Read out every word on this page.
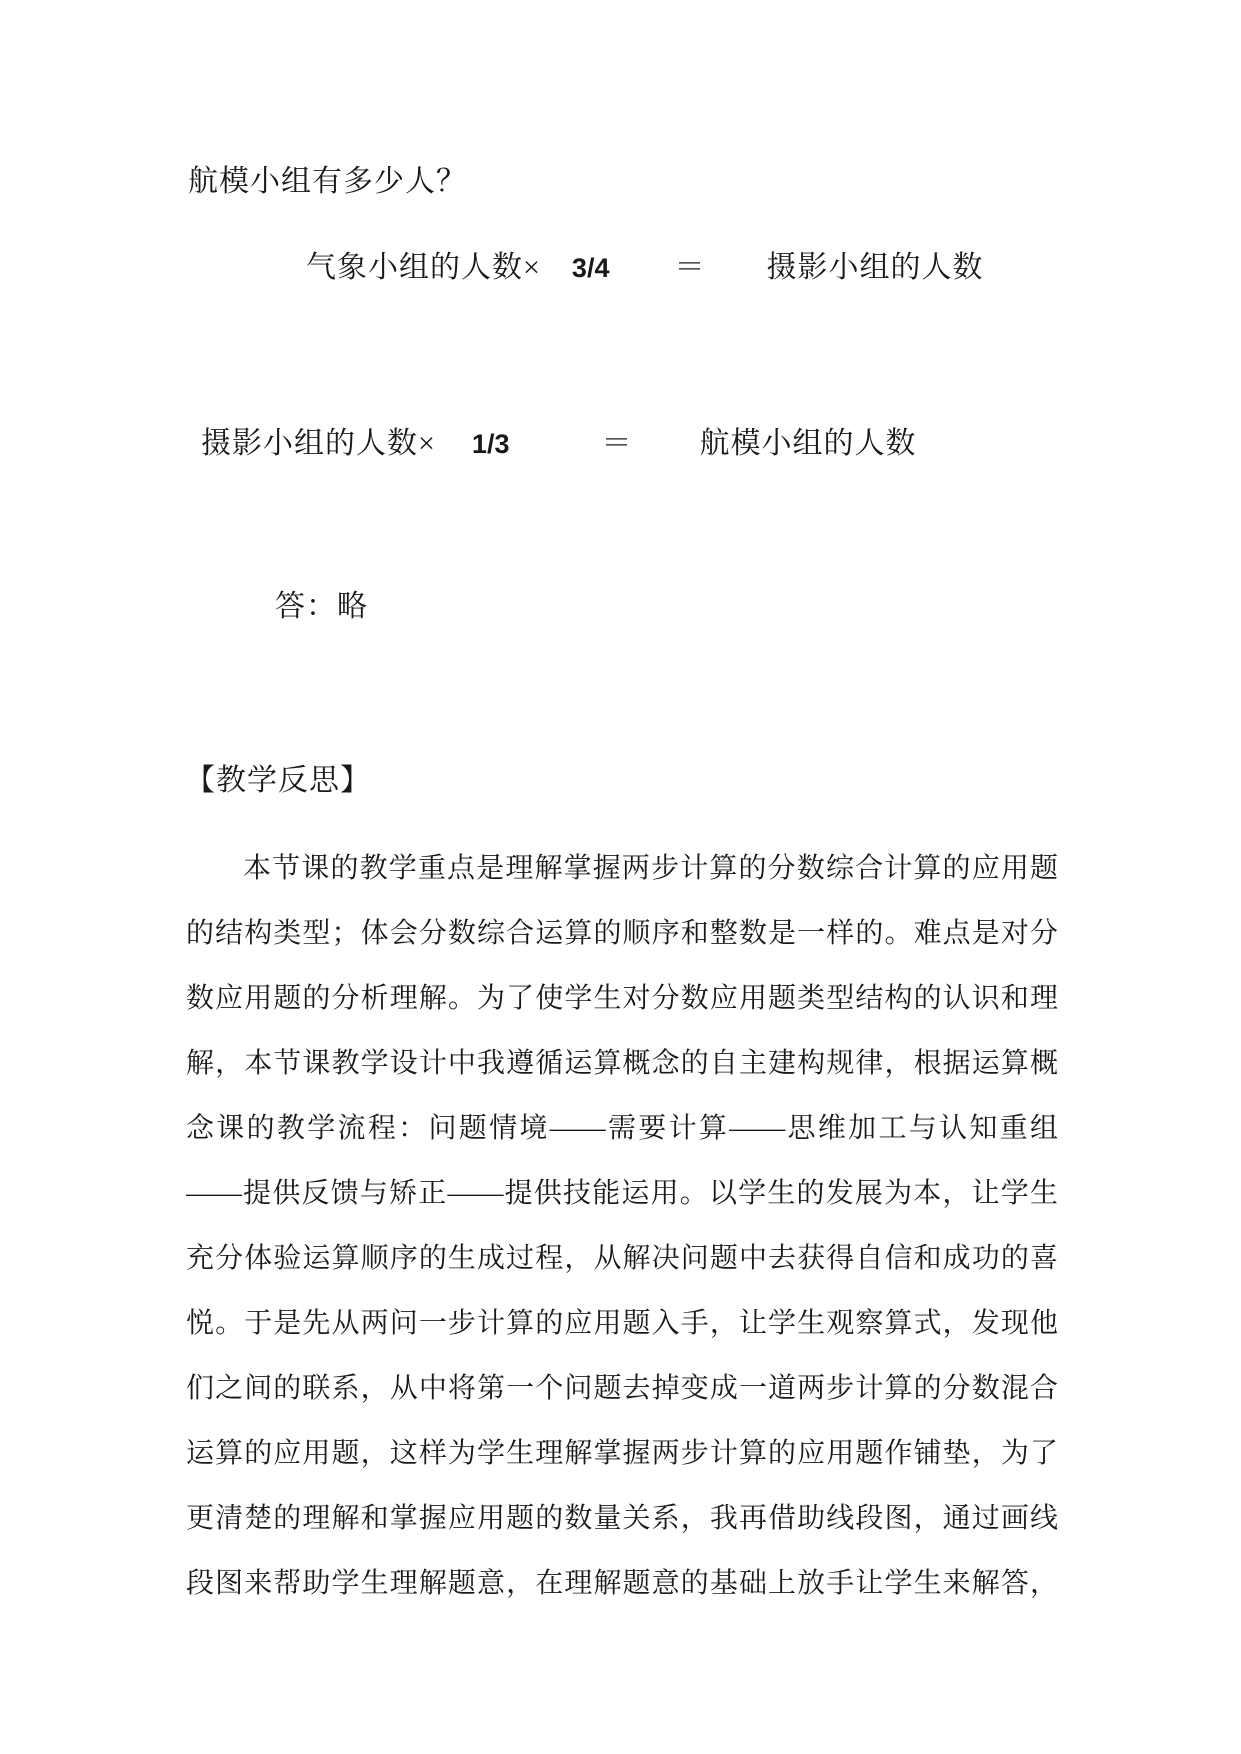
航模小组有多少人？
气象小组的人数× 3/4 ＝ 摄影小组的人数
摄影小组的人数× 1/3	＝ 航模小组的人数
答：略
【教学反思】
本节课的教学重点是理解掌握两步计算的分数综合计算的应用题
的结构类型；体会分数综合运算的顺序和整数是一样的。难点是对分
数应用题的分析理解。为了使学生对分数应用题类型结构的认识和理
解，本节课教学设计中我遵循运算概念的自主建构规律，根据运算概
念课的教学流程：问题情境——需要计算——思维加工与认知重组
——提供反馈与矫正——提供技能运用。以学生的发展为本，让学生
充分体验运算顺序的生成过程，从解决问题中去获得自信和成功的喜
悦。于是先从两问一步计算的应用题入手，让学生观察算式，发现他
们之间的联系，从中将第一个问题去掉变成一道两步计算的分数混合
运算的应用题，这样为学生理解掌握两步计算的应用题作铺垫，为了
更清楚的理解和掌握应用题的数量关系，我再借助线段图，通过画线
段图来帮助学生理解题意，在理解题意的基础上放手让学生来解答，
